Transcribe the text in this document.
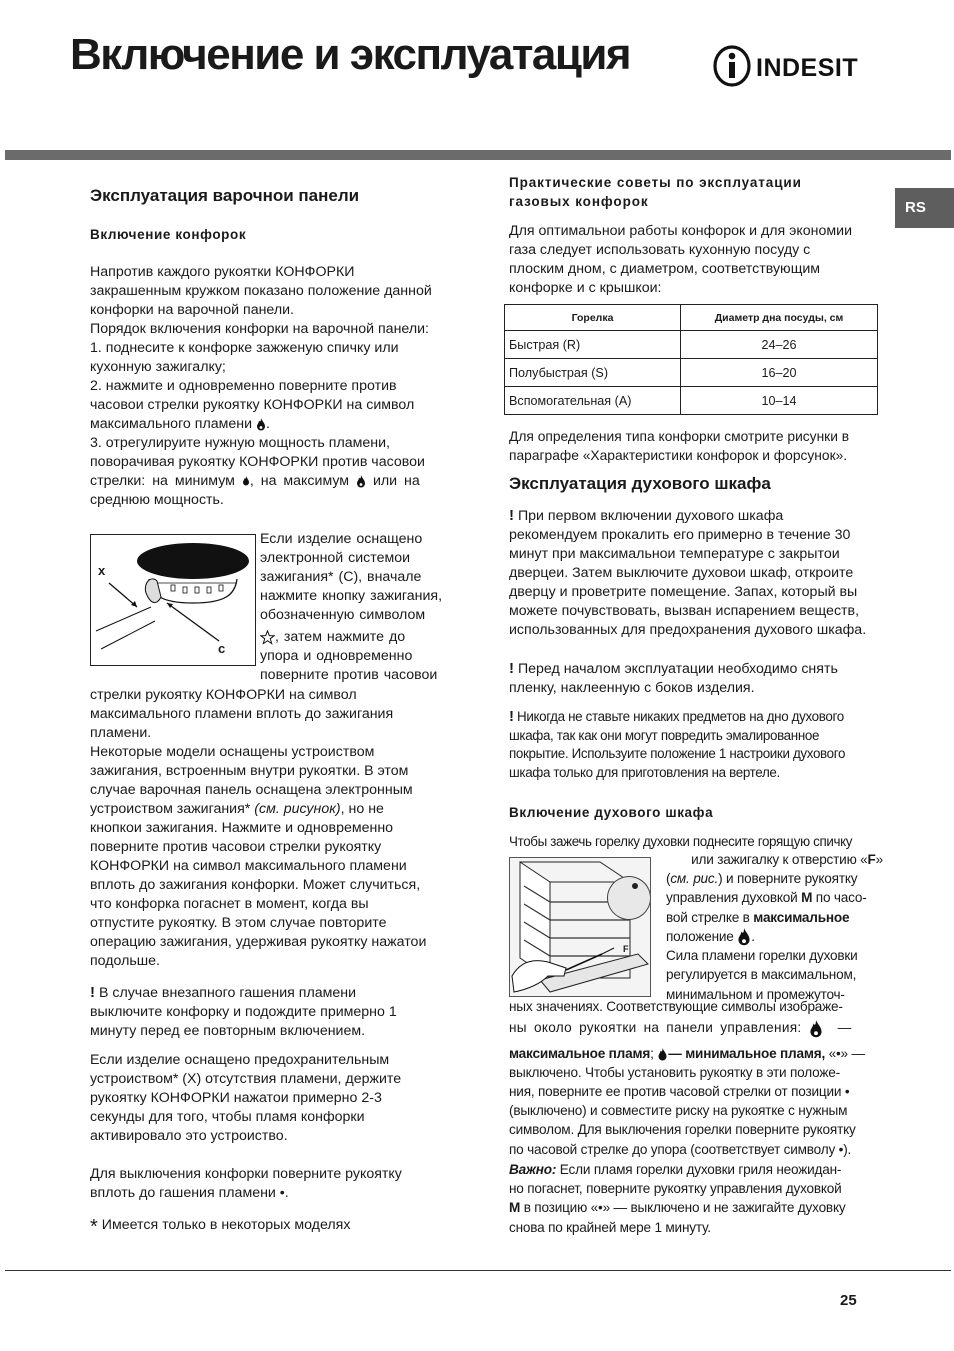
Включение и эксплуатация	INDESIT
RS
Эксплуатация варочнои панели
Включение конфорок

Напротив каждого рукоятки КОНФОРКИ

закрашенным кружком показано положение данной

конфорки на варочной панели.

Порядок включения конфорки на варочной панели:

1. поднесите к конфорке зажженую спичку или

кухонную зажигалку;

2. нажмите и одновременно поверните против

часовои стрелки рукоятку КОНФОРКИ на символ

максимального пламени .

3. отрегулируите нужную мощность пламени,

поворачивая рукоятку КОНФОРКИ против часовои

стрелки: на минимум , на максимум или на

среднюю мощность.

x
c

Если изделие оснащено

электронной системои

зажигания* (С), вначале

нажмите кнопку зажигания,

обозначенную символом

, затем нажмите до

упора и одновременно

поверните против часовои

стрелки рукоятку КОНФОРКИ на символ

максимального пламени вплоть до зажигания

пламени.

Некоторые модели оснащены устроиством

зажигания, встроенным внутри рукоятки. В этом

случае варочная панель оснащена электронным

устроиством зажигания* (см. рисунок), но не

кнопкои зажигания. Нажмите и одновременно

поверните против часовои стрелки рукоятку

КОНФОРКИ на символ максимального пламени

вплоть до зажигания конфорки. Может случиться,

что конфорка погаснет в момент, когда вы

отпустите рукоятку. В этом случае повторите

операцию зажигания, удерживая рукоятку нажатои

подольше.

! В случае внезапного гашения пламени

выключите конфорку и подождите примерно 1

минуту перед ее повторным включением.

Если изделие оснащено предохранительным

устроиством* (X) отсутствия пламени, держите

рукоятку КОНФОРКИ нажатои примерно 2-3

секунды для того, чтобы пламя конфорки

активировало это устроиство.

Для выключения конфорки поверните рукоятку

вплоть до гашения пламени •.

* Имеется только в некоторых моделях

Практические советы по эксплуатации
газовых конфорок

Для оптимальнои работы конфорок и для экономии

газа следует использовать кухонную посуду с

плоским дном, с диаметром, соответствующим

конфорке и с крышкои:

Горелка	Диаметр дна посуды, см
Быстрая (R)	24–26
Полубыстрая (S)	16–20
Вспомогательная (A)	10–14

Для определения типа конфорки смотрите рисунки в

параграфе «Характеристики конфорок и форсунок».

Эксплуатация духового шкафа

! При первом включении духового шкафа

рекомендуем прокалить его примерно в течение 30

минут при максимальнои температуре с закрытои

дверцеи. Затем выключите духовои шкаф, откроите

дверцу и проветрите помещение. Запах, который вы

можете почувствовать, вызван испарением веществ,

использованных для предохранения духового шкафа.

! Перед началом эксплуатации необходимо снять

пленку, наклеенную с боков изделия.

! Никогда не ставьте никаких предметов на дно духового

шкафа, так как они могут повредить эмалированное

покрытие. Используите положение 1 настроики духового

шкафа только для приготовления на вертеле.

Включение духового шкафа
Чтобы зажечь горелку духовки поднесите горящую спичку
F

или зажигалку к отверстию «F»

(см. рис.) и поверните рукоятку

управления духовкой M по часо-

вой стрелке в максимальное

положение .

Сила пламени горелки духовки

регулируется в максимальном,

минимальном и промежуточ-

ных значениях. Соответствующие символы изображе-

ны около рукоятки на панели управления:	—

максимальное пламя; — минимальное пламя, «•» —

выключено. Чтобы установить рукоятку в эти положе-

ния, поверните ее против часовой стрелки от позиции •

(выключено) и совместите риску на рукоятке с нужным

символом. Для выключения горелки поверните рукоятку

по часовой стрелке до упора (соответствует символу •).

Важно: Если пламя горелки духовки гриля неожидан-

но погаснет, поверните рукоятку управления духовкой

M в позицию «•» — выключено и не зажигайте духовку

снова по крайней мере 1 минуту.

25
